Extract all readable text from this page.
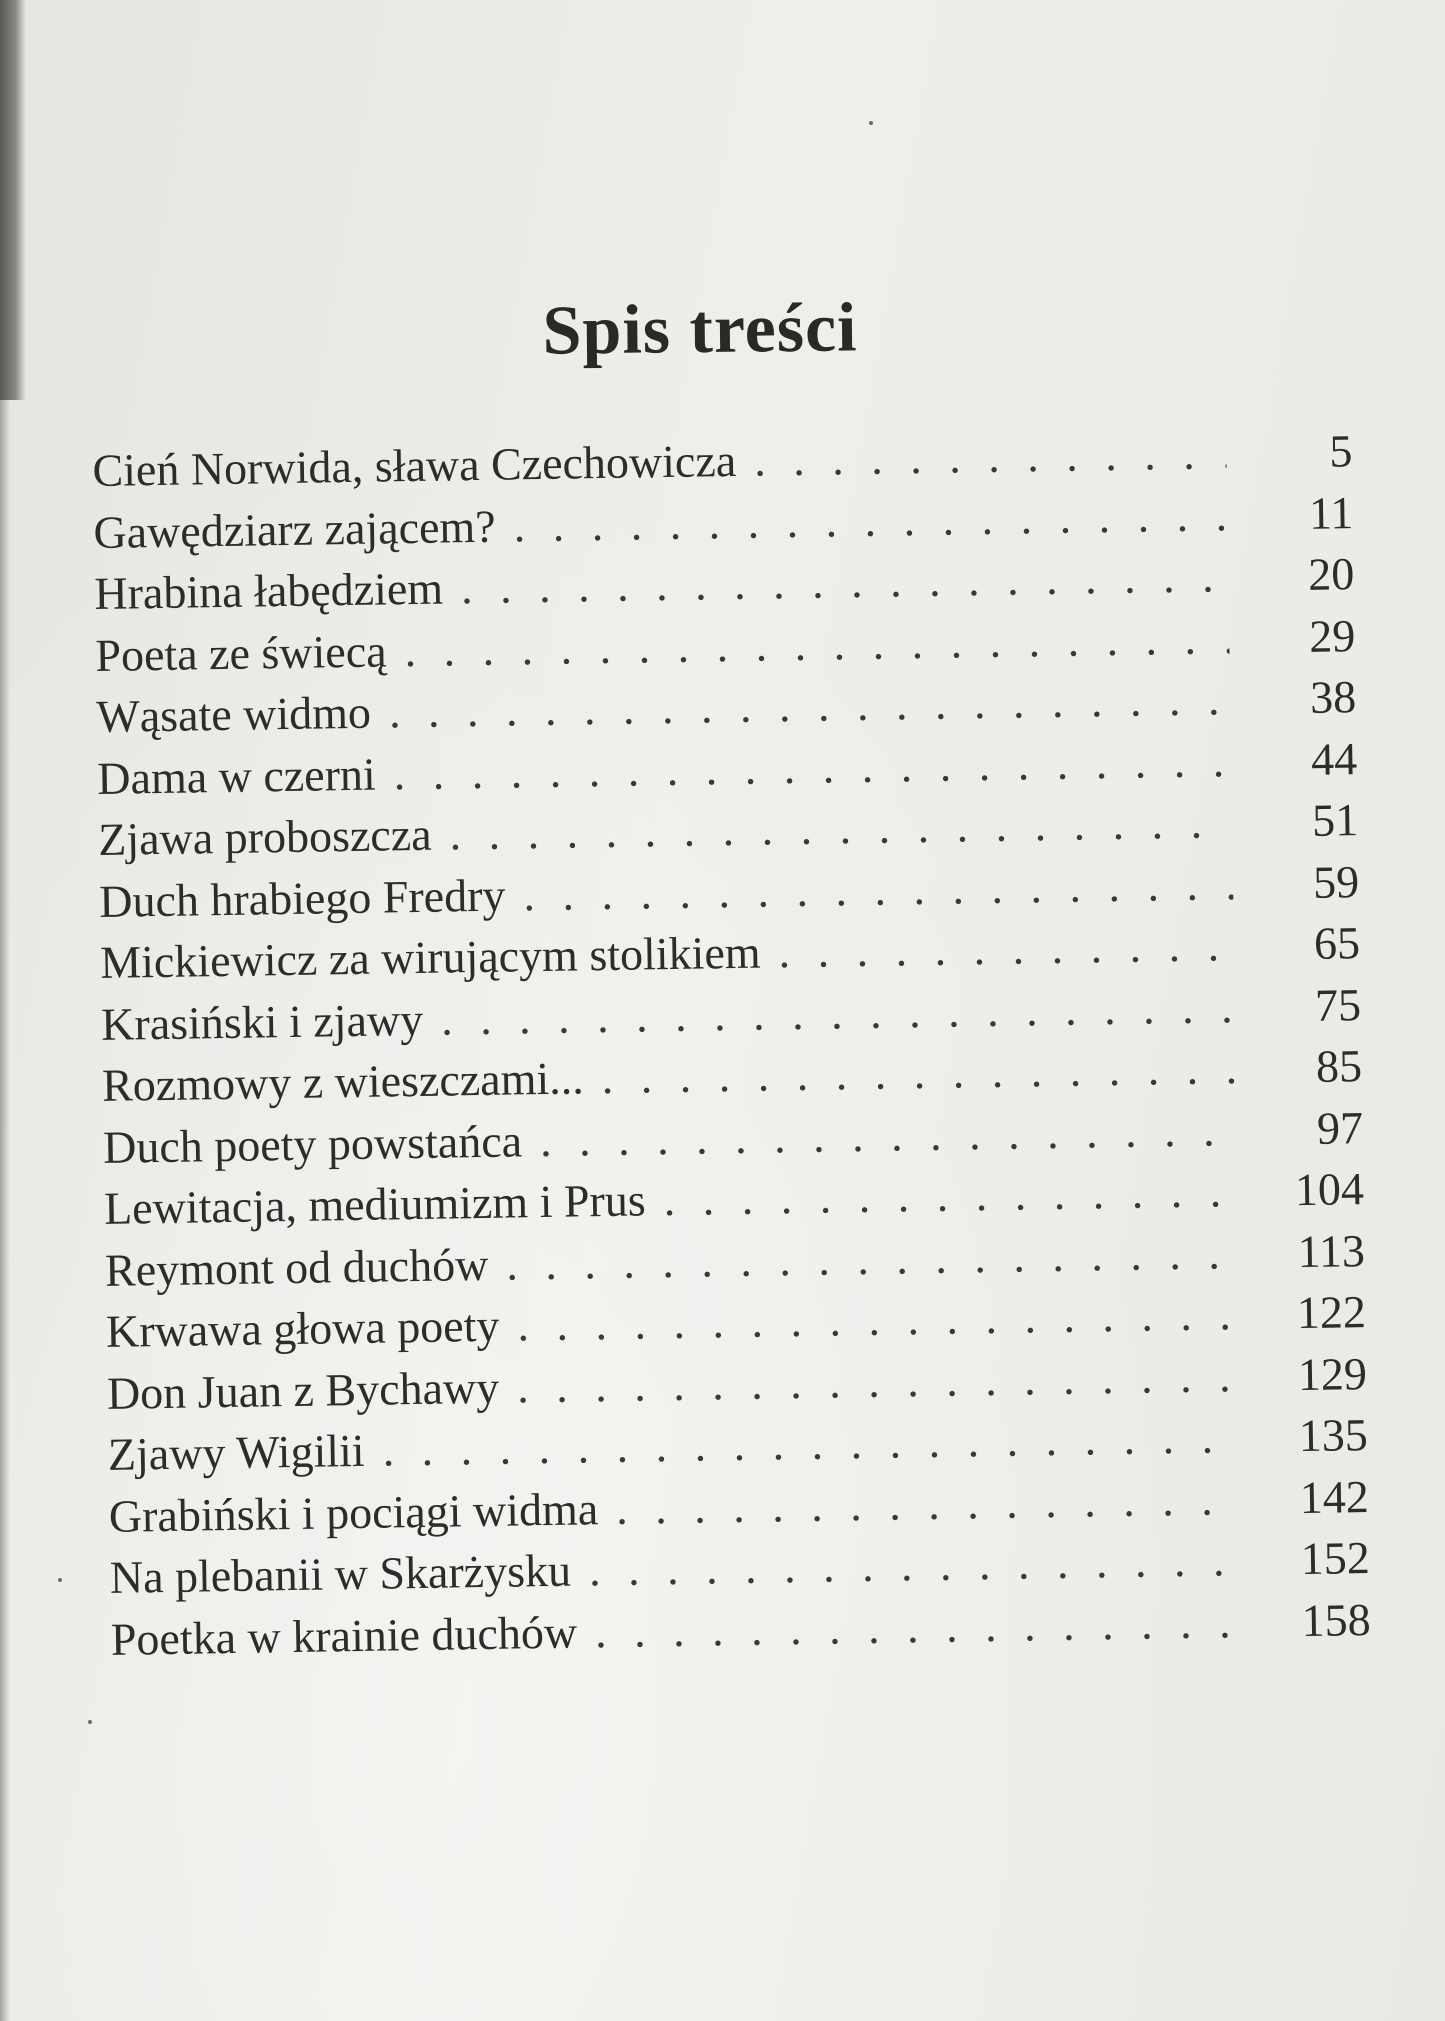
Spis treści
Cień Norwida, sława Czechowicza . . .	5
Gawędziarz zającem? . . .	11
Hrabina łabędziem . . .	20
Poeta ze świecą . . .	29
Wąsate widmo . . .	38
Dama w czerni . . .	44
Zjawa proboszcza . . .	51
Duch hrabiego Fredry . . .	59
Mickiewicz za wirującym stolikiem . . .	65
Krasiński i zjawy . . .	75
Rozmowy z wieszczami... . . .	85
Duch poety powstańca . . .	97
Lewitacja, mediumizm i Prus . . .	104
Reymont od duchów . . .	113
Krwawa głowa poety . . .	122
Don Juan z Bychawy . . .	129
Zjawy Wigilii . . .	135
Grabiński i pociągi widma . . .	142
Na plebanii w Skarżysku . . .	152
Poetka w krainie duchów . . .	158
